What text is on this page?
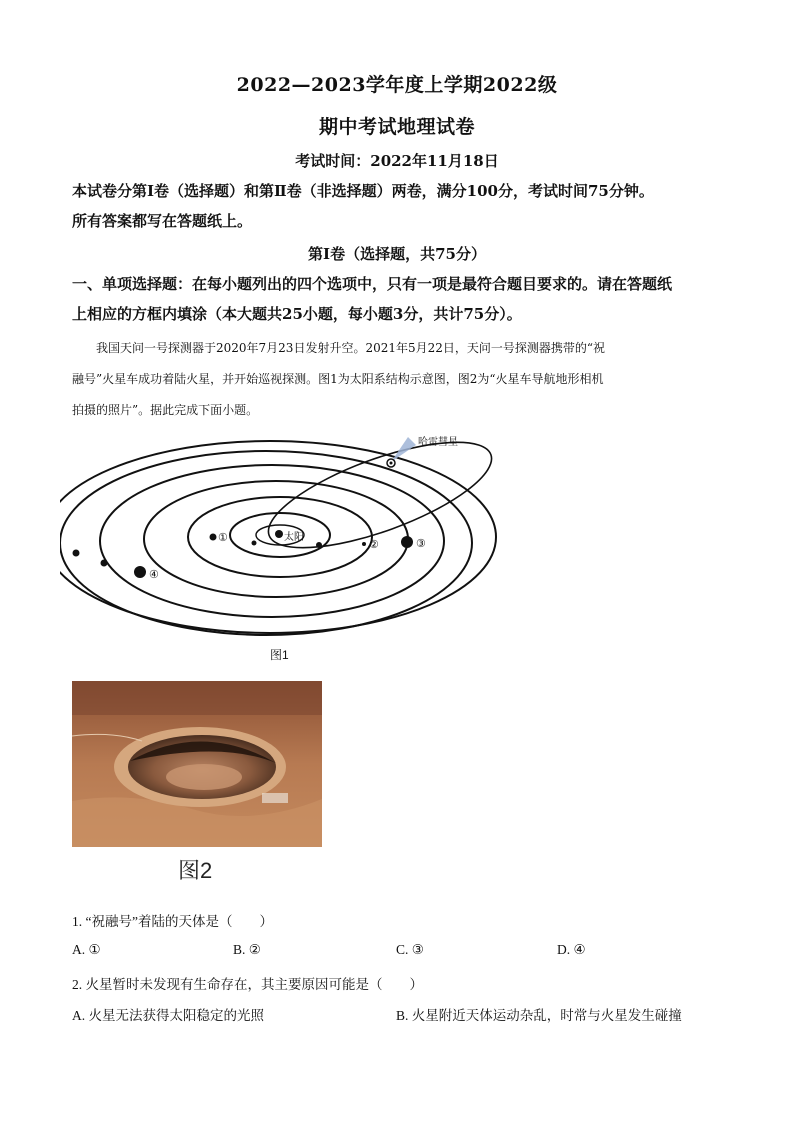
2022—2023学年度上学期2022级
期中考试地理试卷
考试时间：2022年11月18日
本试卷分第Ⅰ卷（选择题）和第Ⅱ卷（非选择题）两卷，满分100分，考试时间75分钟。
所有答案都写在答题纸上。
第Ⅰ卷（选择题，共75分）
一、单项选择题：在每小题列出的四个选项中，只有一项是最符合题目要求的。请在答题纸
上相应的方框内填涂（本大题共25小题，每小题3分，共计75分）。
我国天问一号探测器于2020年7月23日发射升空。2021年5月22日，天问一号探测器携带的“祝
融号”火星车成功着陆火星，并开始巡视探测。图1为太阳系结构示意图，图2为“火星车导航地形相机
拍摄的照片”。据此完成下面小题。
哈雷彗星
太阳
①
②	③
④
图1
图2
1. “祝融号”着陆的天体是（　　）
A. ①	B. ②	C. ③	D. ④
2. 火星暂时未发现有生命存在，其主要原因可能是（　　）
A. 火星无法获得太阳稳定的光照	B. 火星附近天体运动杂乱，时常与火星发生碰撞
